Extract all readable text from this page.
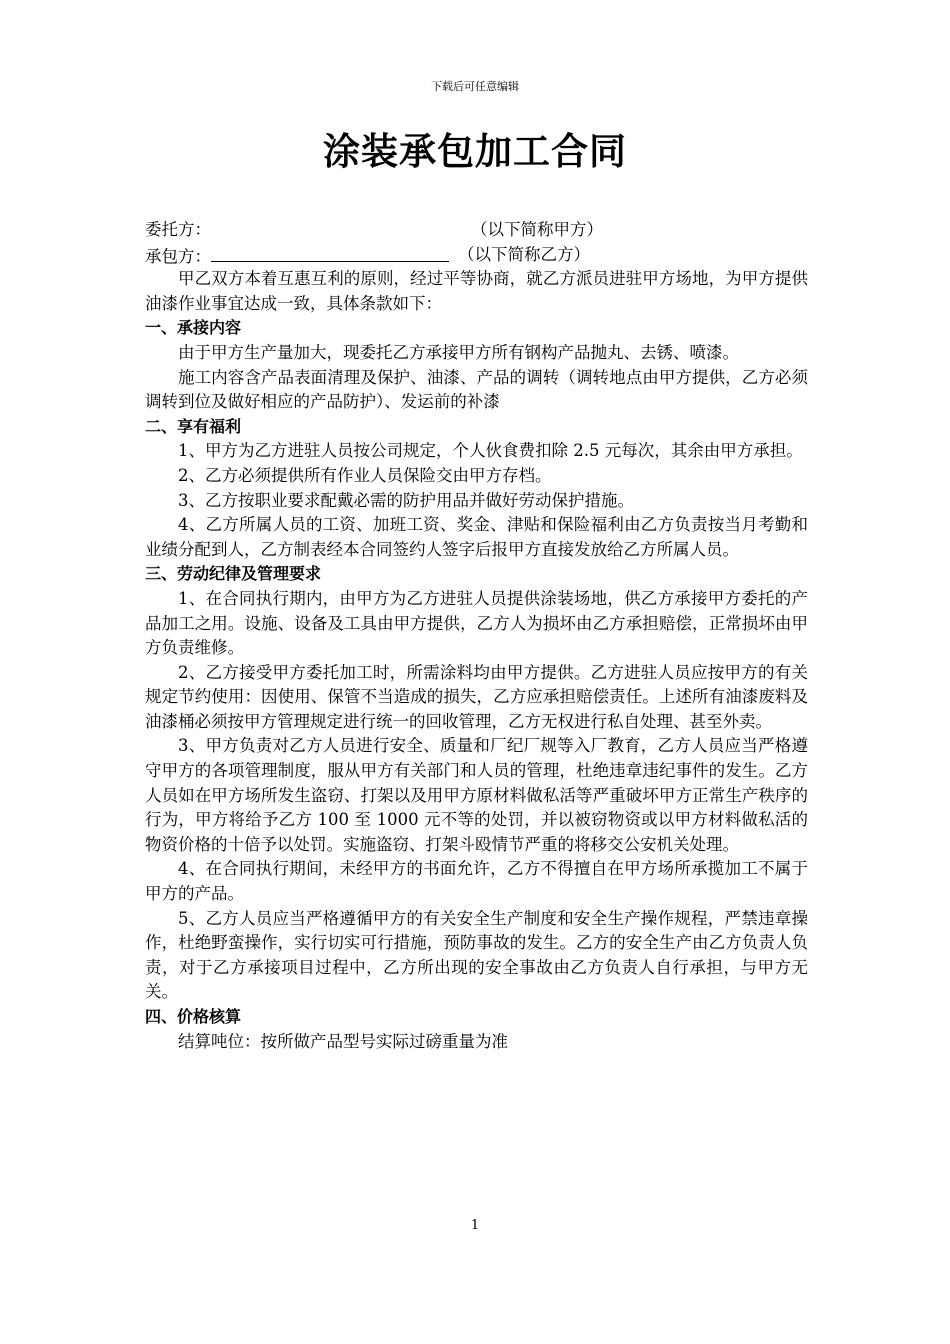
下载后可任意编辑
涂装承包加工合同
委托方：	（以下简称甲方）
承包方：	（以下简称乙方）

甲乙双方本着互惠互利的原则，经过平等协商，就乙方派员进驻甲方场地，为甲方提供油漆作业事宜达成一致，具体条款如下：

一、承接内容

由于甲方生产量加大，现委托乙方承接甲方所有钢构产品抛丸、去锈、喷漆。

施工内容含产品表面清理及保护、油漆、产品的调转（调转地点由甲方提供，乙方必须调转到位及做好相应的产品防护）、发运前的补漆

二、享有福利

1、甲方为乙方进驻人员按公司规定，个人伙食费扣除 2.5 元每次，其余由甲方承担。

2、乙方必须提供所有作业人员保险交由甲方存档。

3、乙方按职业要求配戴必需的防护用品并做好劳动保护措施。

4、乙方所属人员的工资、加班工资、奖金、津贴和保险福利由乙方负责按当月考勤和业绩分配到人，乙方制表经本合同签约人签字后报甲方直接发放给乙方所属人员。

三、劳动纪律及管理要求

1、在合同执行期内，由甲方为乙方进驻人员提供涂装场地，供乙方承接甲方委托的产品加工之用。设施、设备及工具由甲方提供，乙方人为损坏由乙方承担赔偿，正常损坏由甲方负责维修。

2、乙方接受甲方委托加工时，所需涂料均由甲方提供。乙方进驻人员应按甲方的有关规定节约使用：因使用、保管不当造成的损失，乙方应承担赔偿责任。上述所有油漆废料及油漆桶必须按甲方管理规定进行统一的回收管理，乙方无权进行私自处理、甚至外卖。

3、甲方负责对乙方人员进行安全、质量和厂纪厂规等入厂教育，乙方人员应当严格遵守甲方的各项管理制度，服从甲方有关部门和人员的管理，杜绝违章违纪事件的发生。乙方人员如在甲方场所发生盗窃、打架以及用甲方原材料做私活等严重破坏甲方正常生产秩序的行为，甲方将给予乙方 100 至 1000 元不等的处罚，并以被窃物资或以甲方材料做私活的物资价格的十倍予以处罚。实施盗窃、打架斗殴情节严重的将移交公安机关处理。

4、在合同执行期间，未经甲方的书面允许，乙方不得擅自在甲方场所承揽加工不属于甲方的产品。

5、乙方人员应当严格遵循甲方的有关安全生产制度和安全生产操作规程，严禁违章操作，杜绝野蛮操作，实行切实可行措施，预防事故的发生。乙方的安全生产由乙方负责人负责，对于乙方承接项目过程中，乙方所出现的安全事故由乙方负责人自行承担，与甲方无关。

四、价格核算

结算吨位：按所做产品型号实际过磅重量为准

1
